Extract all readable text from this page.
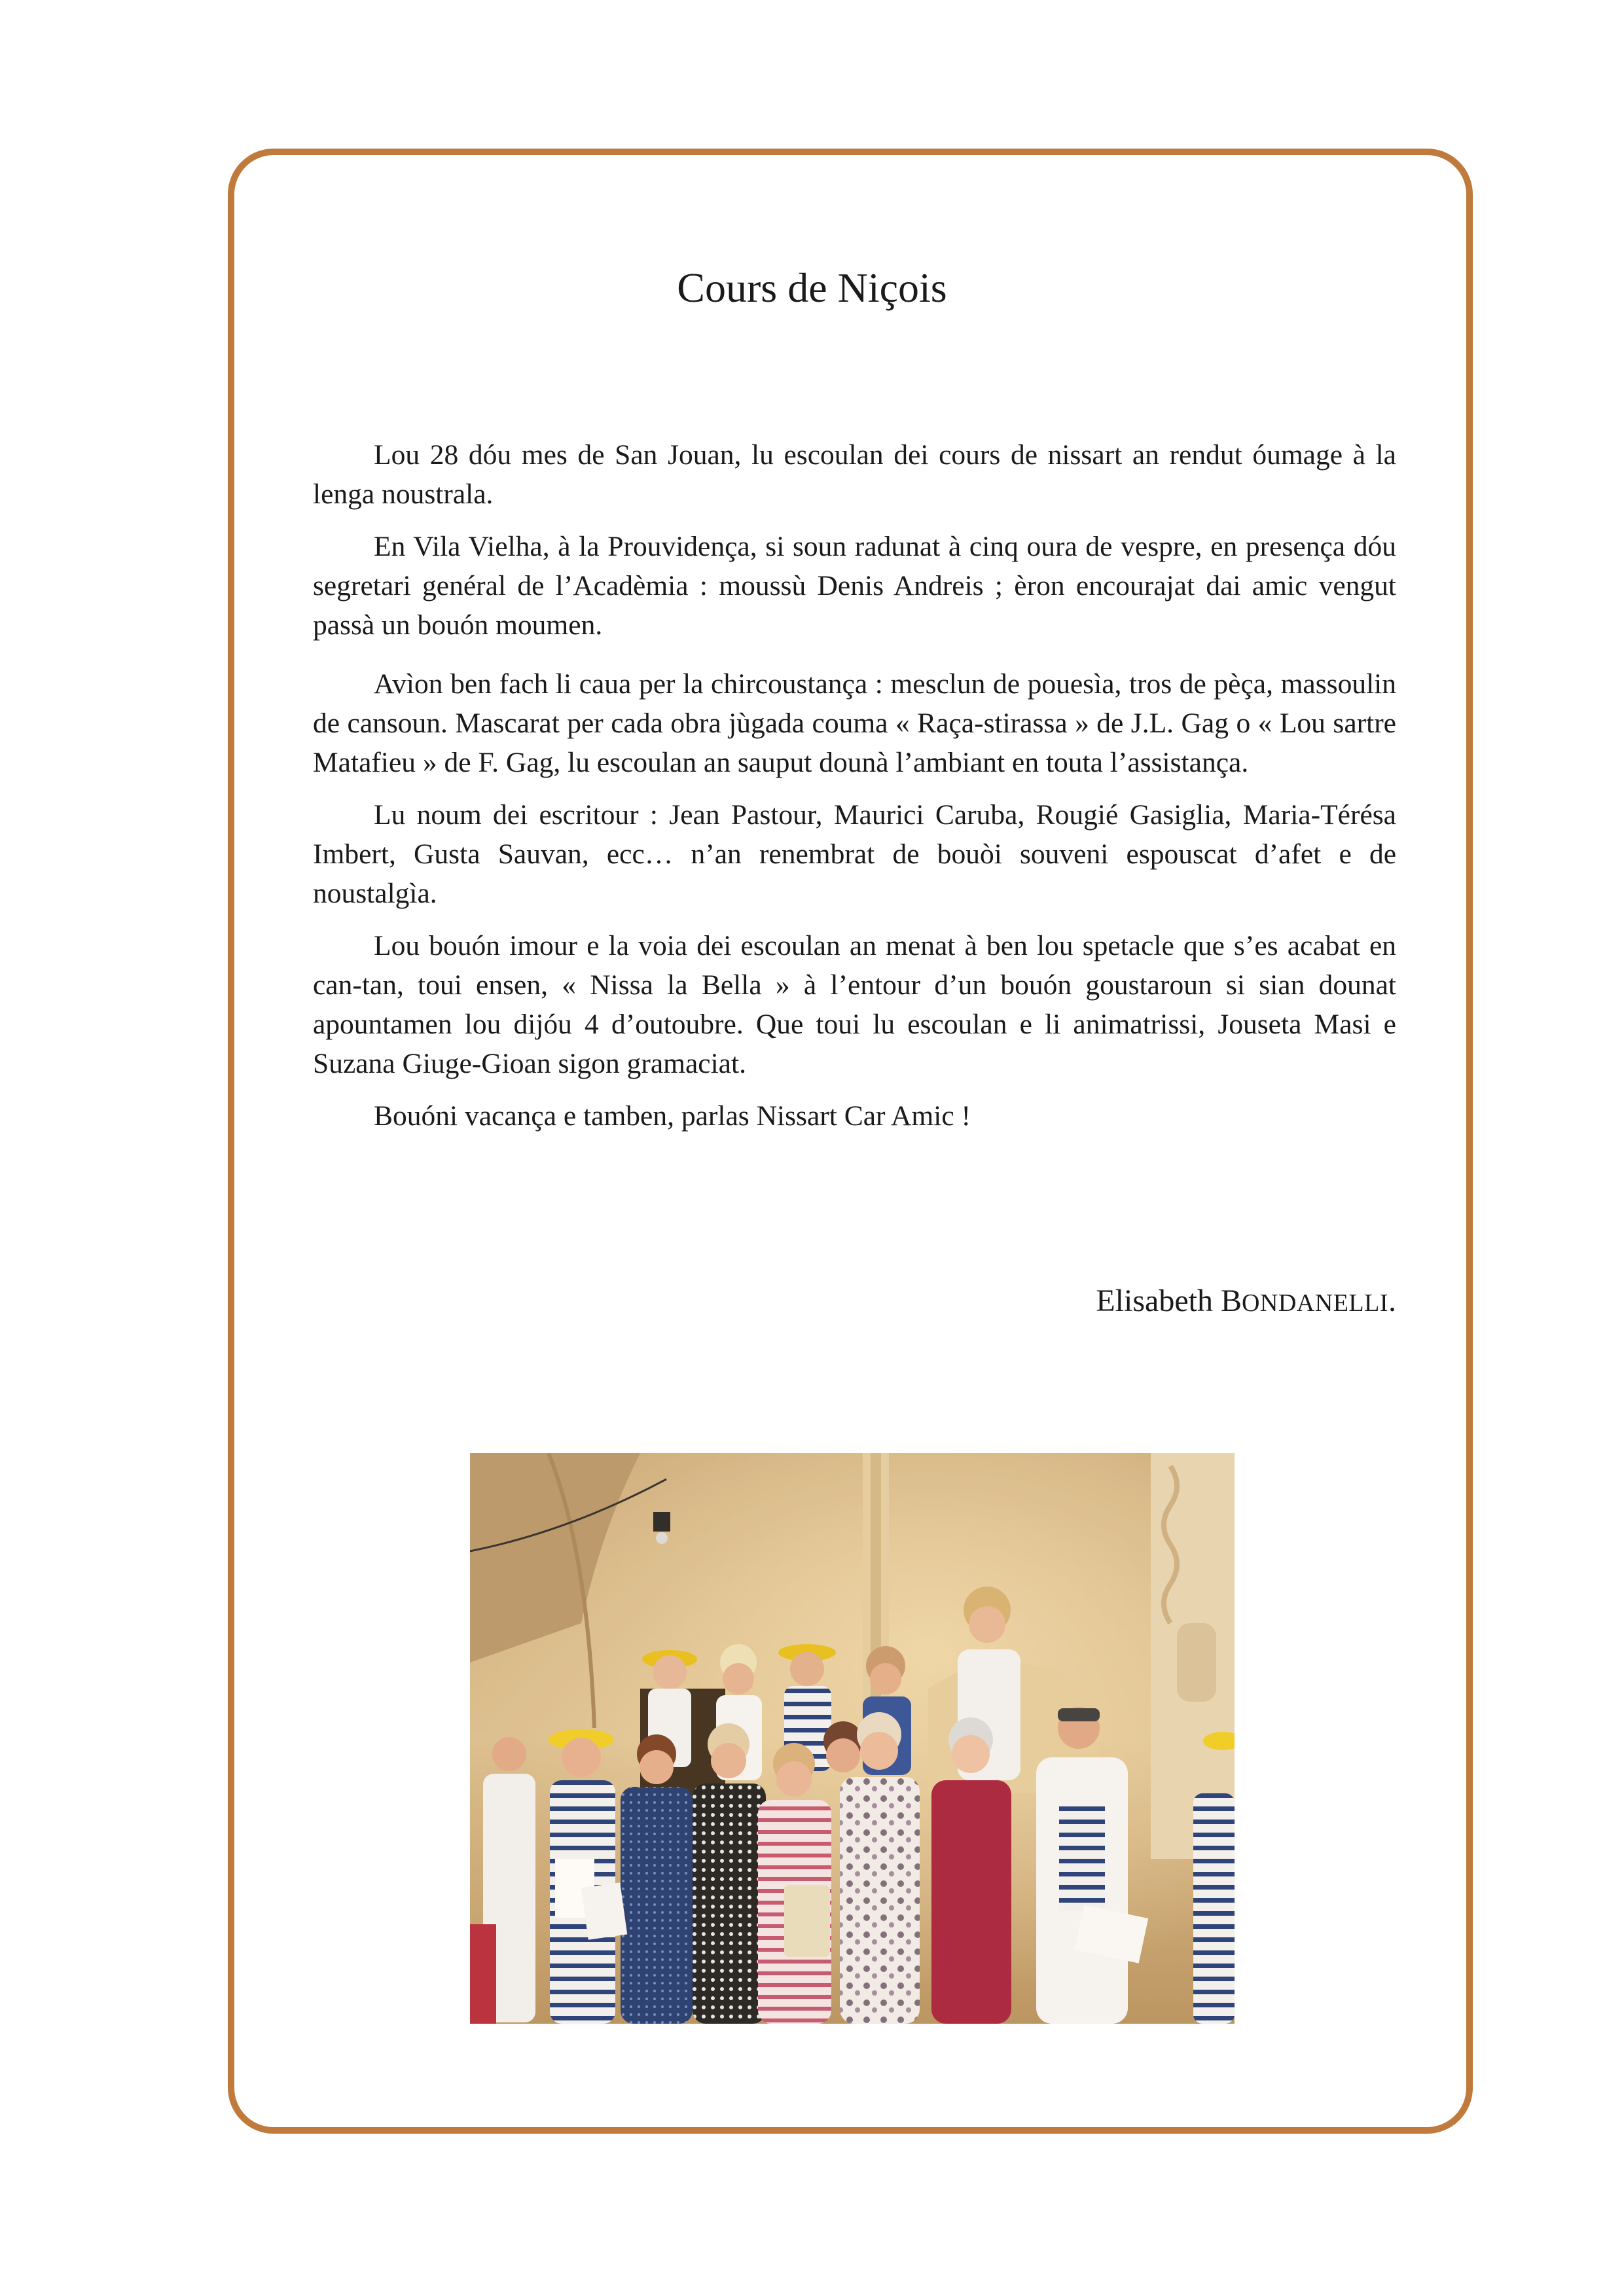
Cours de Niçois

Lou 28 dóu mes de San Jouan, lu escoulan dei cours de nissart an rendut óumage à la lenga noustrala.

En Vila Vielha, à la Prouvidença, si soun radunat à cinq oura de vespre, en presença dóu segretari genéral de l’Acadèmia : moussù Denis Andreis ; èron encourajat dai amic vengut passà un bouón moumen.

Avìon ben fach li caua per la chircoustança : mesclun de pouesìa, tros de pèça, massoulin de cansoun. Mascarat per cada obra jùgada couma « Raça-stirassa » de J.L. Gag o « Lou sartre Matafieu » de F. Gag, lu escoulan an sauput dounà l’ambiant en touta l’assistança.

Lu noum dei escritour : Jean Pastour, Maurici Caruba, Rougié Gasiglia, Maria-Térésa Imbert, Gusta Sauvan, ecc… n’an renembrat de bouòi souveni espouscat d’afet e de noustalgìa.

Lou bouón imour e la voia dei escoulan an menat à ben lou spetacle que s’es acabat en can-tan, toui ensen, « Nissa la Bella » à l’entour d’un bouón goustaroun si sian dounat apountamen lou dijóu 4 d’outoubre. Que toui lu escoulan e li animatrissi, Jouseta Masi e Suzana Giuge-Gioan sigon gramaciat.

Bouóni vacança e tamben, parlas Nissart Car Amic !

Elisabeth BONDANELLI.
